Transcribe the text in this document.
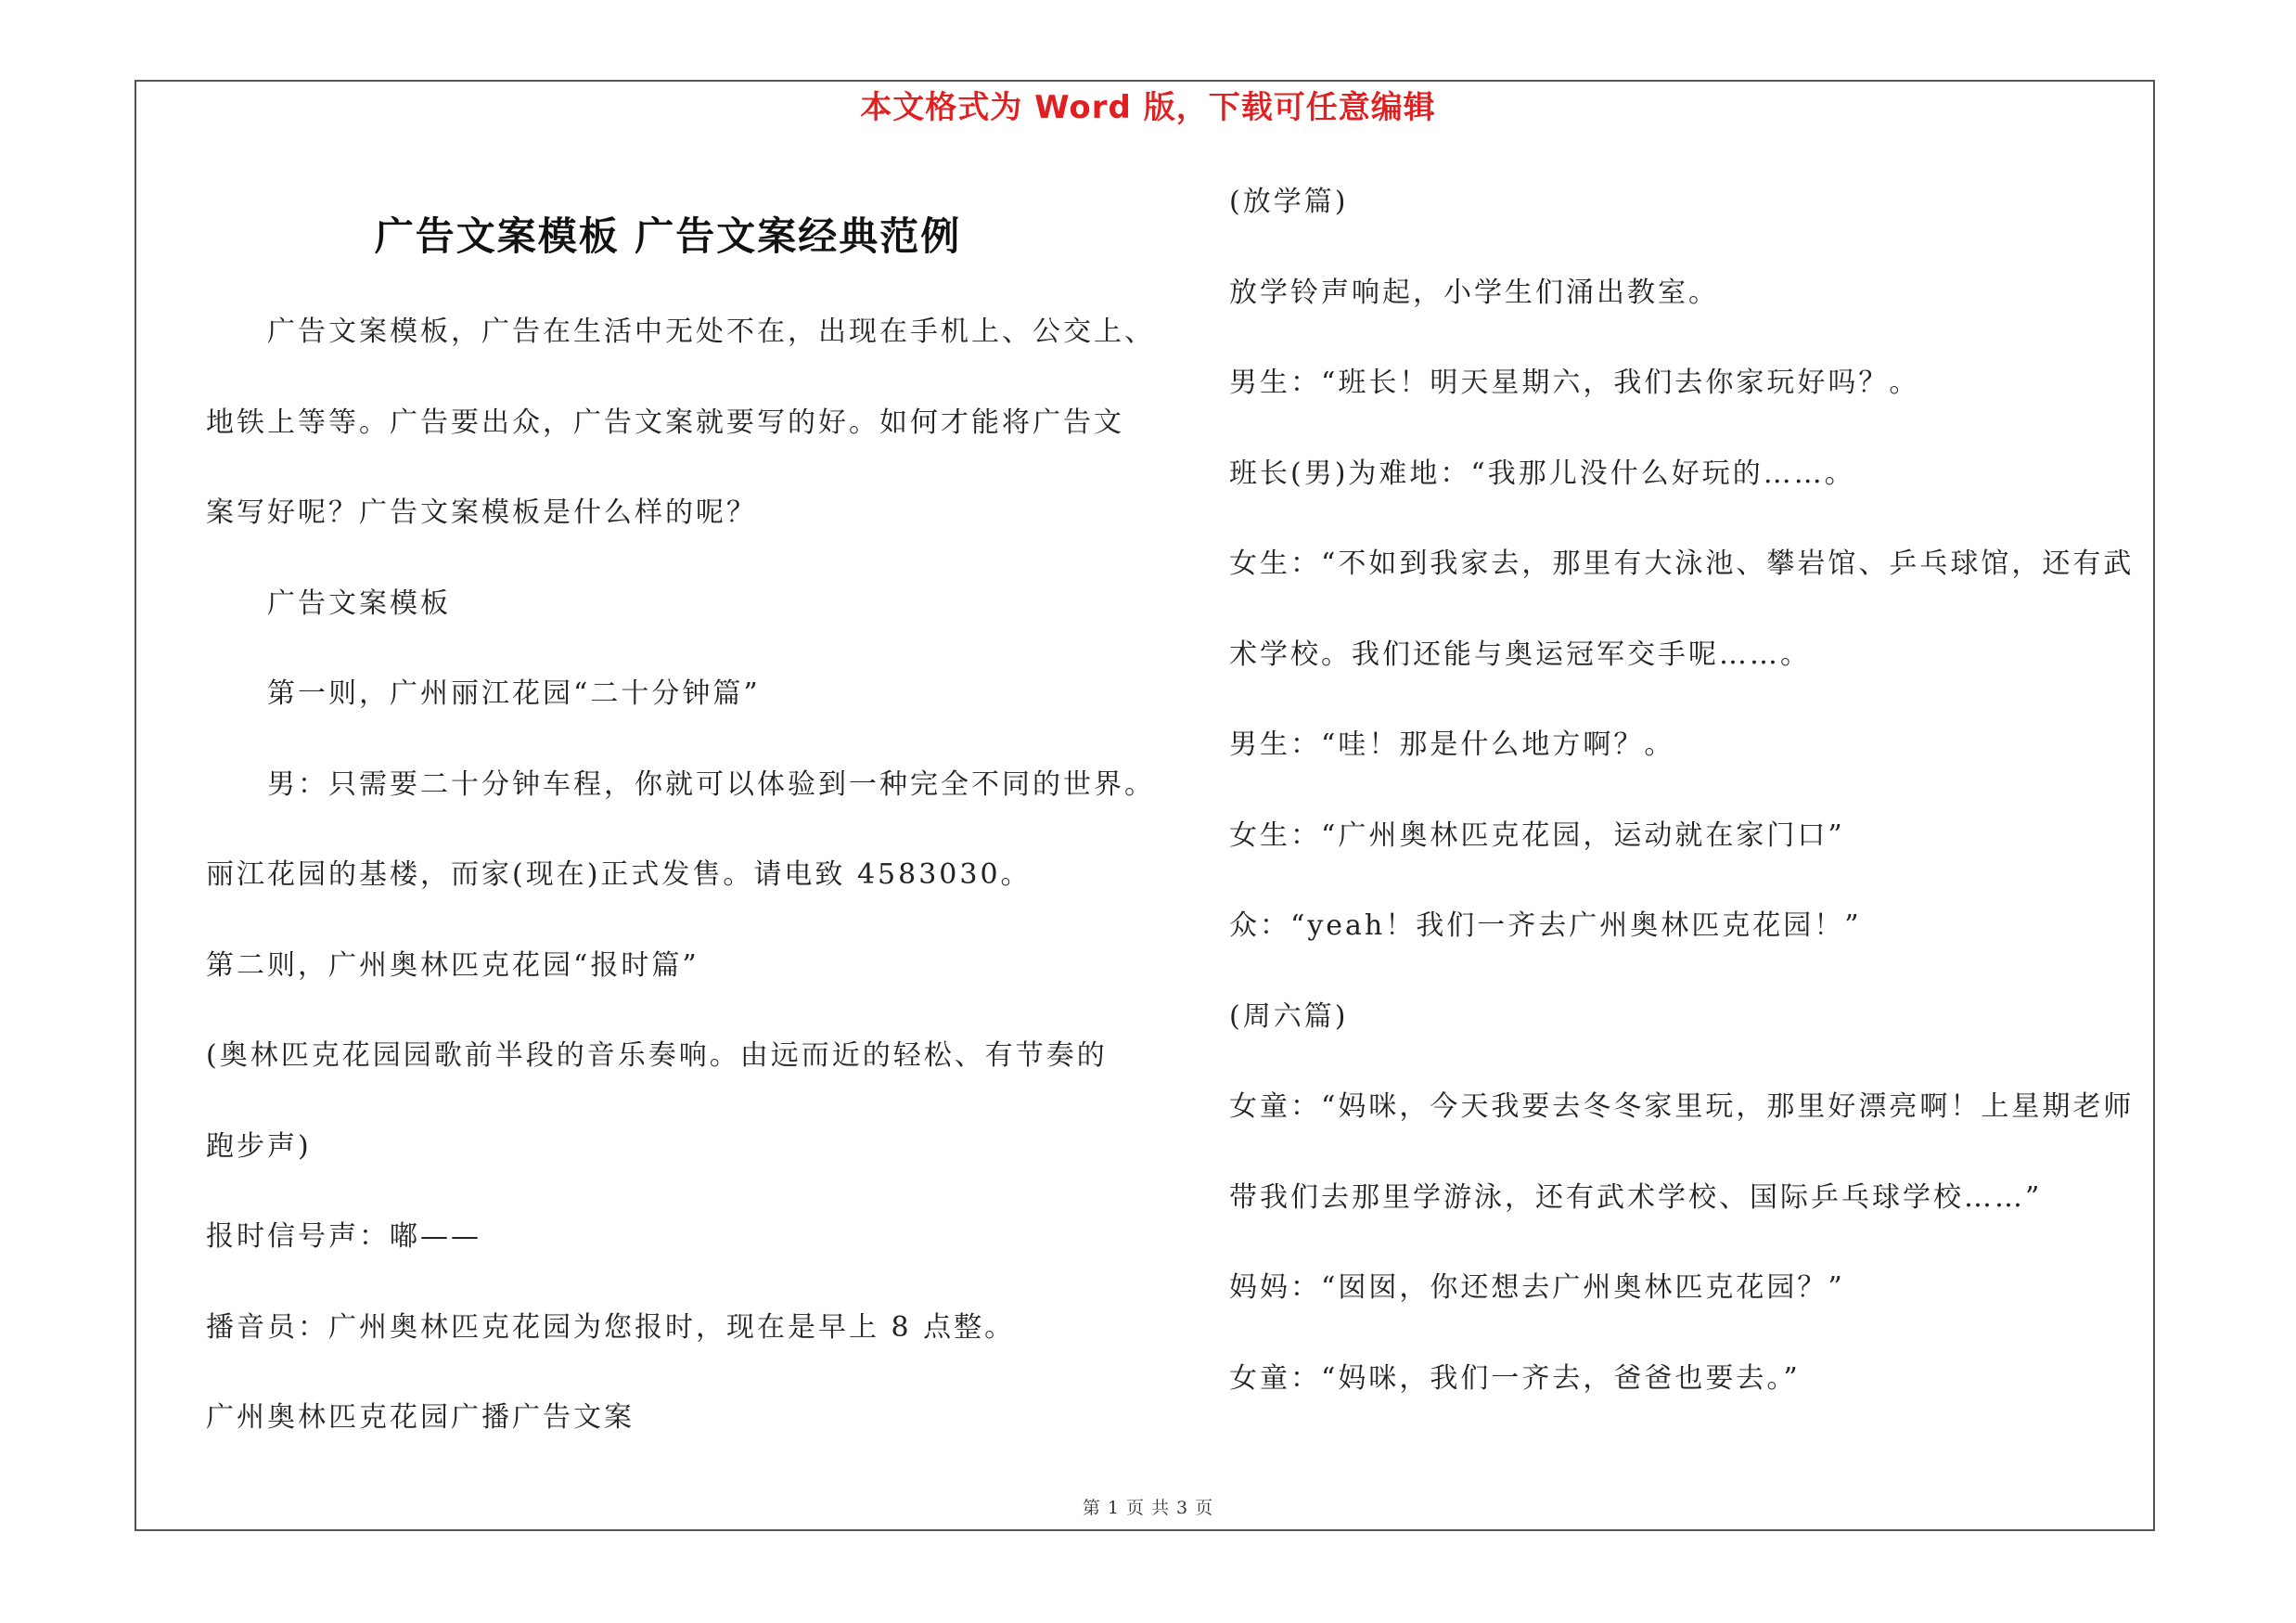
本文格式为 Word 版，下载可任意编辑
广告文案模板 广告文案经典范例
广告文案模板，广告在生活中无处不在，出现在手机上、公交上、
地铁上等等。广告要出众，广告文案就要写的好。如何才能将广告文
案写好呢？广告文案模板是什么样的呢？
广告文案模板
第一则，广州丽江花园“二十分钟篇”
男：只需要二十分钟车程，你就可以体验到一种完全不同的世界。
丽江花园的基楼，而家(现在)正式发售。请电致 4583030。
第二则，广州奥林匹克花园“报时篇”
(奥林匹克花园园歌前半段的音乐奏响。由远而近的轻松、有节奏的
跑步声)
报时信号声：嘟——
播音员：广州奥林匹克花园为您报时，现在是早上 8 点整。
广州奥林匹克花园广播广告文案
(放学篇)
放学铃声响起，小学生们涌出教室。
男生：“班长！明天星期六，我们去你家玩好吗？。
班长(男)为难地：“我那儿没什么好玩的……。
女生：“不如到我家去，那里有大泳池、攀岩馆、乒乓球馆，还有武
术学校。我们还能与奥运冠军交手呢……。
男生：“哇！那是什么地方啊？。
女生：“广州奥林匹克花园，运动就在家门口”
众：“yeah！我们一齐去广州奥林匹克花园！”
(周六篇)
女童：“妈咪，今天我要去冬冬家里玩，那里好漂亮啊！上星期老师
带我们去那里学游泳，还有武术学校、国际乒乓球学校……”
妈妈：“囡囡，你还想去广州奥林匹克花园？”
女童：“妈咪，我们一齐去，爸爸也要去。”
第 1 页 共 3 页
